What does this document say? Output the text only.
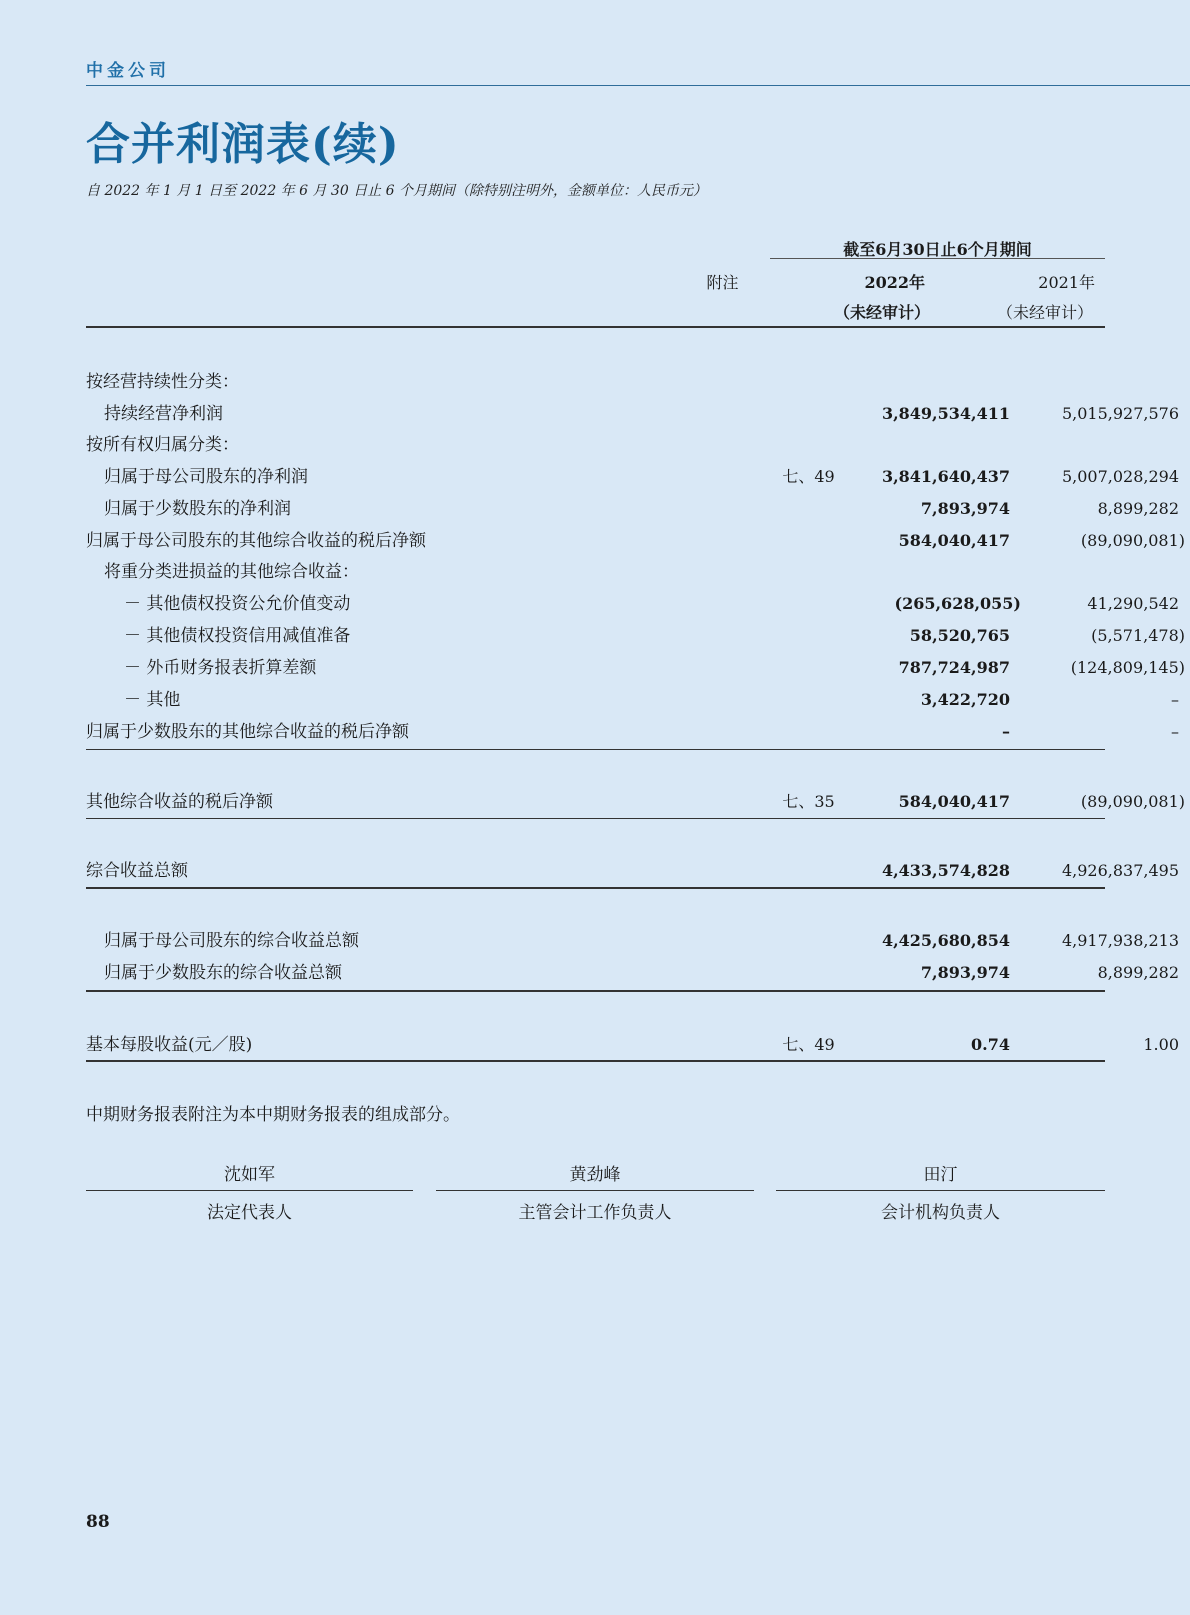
中金公司
合并利润表(续)
自 2022 年 1 月 1 日至 2022 年 6 月 30 日止 6 个月期间（除特别注明外，金额单位：人民币元）
截至6月30日止6个月期间
附注	2022年	2021年
（未经审计）	（未经审计）
按经营持续性分类：
持续经营净利润	3,849,534,411	5,015,927,576
按所有权归属分类：
归属于母公司股东的净利润	七、49	3,841,640,437	5,007,028,294
归属于少数股东的净利润	7,893,974	8,899,282
归属于母公司股东的其他综合收益的税后净额	584,040,417	(89,090,081)
将重分类进损益的其他综合收益：
－ 其他债权投资公允价值变动	(265,628,055)	41,290,542
－ 其他债权投资信用减值准备	58,520,765	(5,571,478)
－ 外币财务报表折算差额	787,724,987	(124,809,145)
－ 其他	3,422,720	–
归属于少数股东的其他综合收益的税后净额	–	–
其他综合收益的税后净额	七、35	584,040,417	(89,090,081)
综合收益总额	4,433,574,828	4,926,837,495
归属于母公司股东的综合收益总额	4,425,680,854	4,917,938,213
归属于少数股东的综合收益总额	7,893,974	8,899,282
基本每股收益(元／股)	七、49	0.74	1.00
中期财务报表附注为本中期财务报表的组成部分。
沈如军
法定代表人
黄劲峰
主管会计工作负责人
田汀
会计机构负责人
88
